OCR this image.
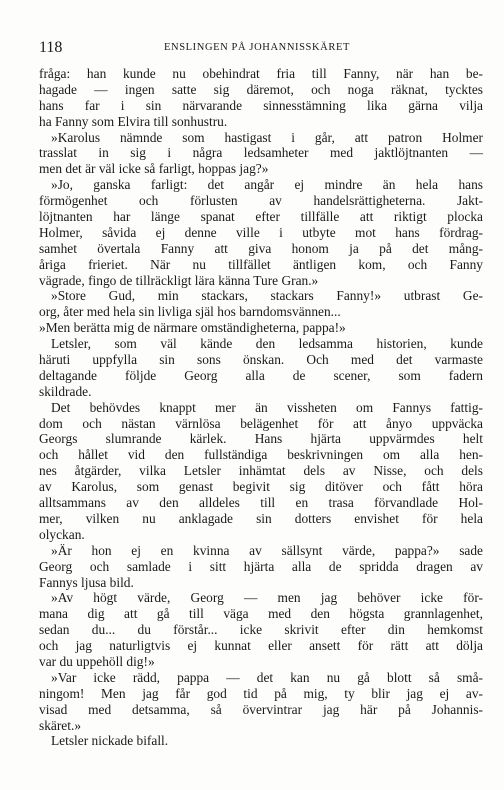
118	ENSLINGEN PÅ JOHANNISSKÄRET
fråga: han kunde nu obehindrat fria till Fanny, när han be-
hagade — ingen satte sig däremot, och noga räknat, tycktes
hans far i sin närvarande sinnesstämning lika gärna vilja
ha Fanny som Elvira till sonhustru.
»Karolus nämnde som hastigast i går, att patron Holmer
trasslat in sig i några ledsamheter med jaktlöjtnanten —
men det är väl icke så farligt, hoppas jag?»
»Jo, ganska farligt: det angår ej mindre än hela hans
förmögenhet och förlusten av handelsrättigheterna. Jakt-
löjtnanten har länge spanat efter tillfälle att riktigt plocka
Holmer, såvida ej denne ville i utbyte mot hans fördrag-
samhet övertala Fanny att giva honom ja på det mång-
åriga frieriet. När nu tillfället äntligen kom, och Fanny
vägrade, fingo de tillräckligt lära känna Ture Gran.»
»Store Gud, min stackars, stackars Fanny!» utbrast Ge-
org, åter med hela sin livliga själ hos barndomsvännen...
»Men berätta mig de närmare omständigheterna, pappa!»
Letsler, som väl kände den ledsamma historien, kunde
häruti uppfylla sin sons önskan. Och med det varmaste
deltagande följde Georg alla de scener, som fadern
skildrade.
Det behövdes knappt mer än vissheten om Fannys fattig-
dom och nästan värnlösa belägenhet för att ånyo uppväcka
Georgs slumrande kärlek. Hans hjärta uppvärmdes helt
och hållet vid den fullständiga beskrivningen om alla hen-
nes åtgärder, vilka Letsler inhämtat dels av Nisse, och dels
av Karolus, som genast begivit sig ditöver och fått höra
alltsammans av den alldeles till en trasa förvandlade Hol-
mer, vilken nu anklagade sin dotters envishet för hela
olyckan.
»Är hon ej en kvinna av sällsynt värde, pappa?» sade
Georg och samlade i sitt hjärta alla de spridda dragen av
Fannys ljusa bild.
»Av högt värde, Georg — men jag behöver icke för-
mana dig att gå till väga med den högsta grannlagenhet,
sedan du... du förstår... icke skrivit efter din hemkomst
och jag naturligtvis ej kunnat eller ansett för rätt att dölja
var du uppehöll dig!»
»Var icke rädd, pappa — det kan nu gå blott så små-
ningom! Men jag får god tid på mig, ty blir jag ej av-
visad med detsamma, så övervintrar jag här på Johannis-
skäret.»
Letsler nickade bifall.
